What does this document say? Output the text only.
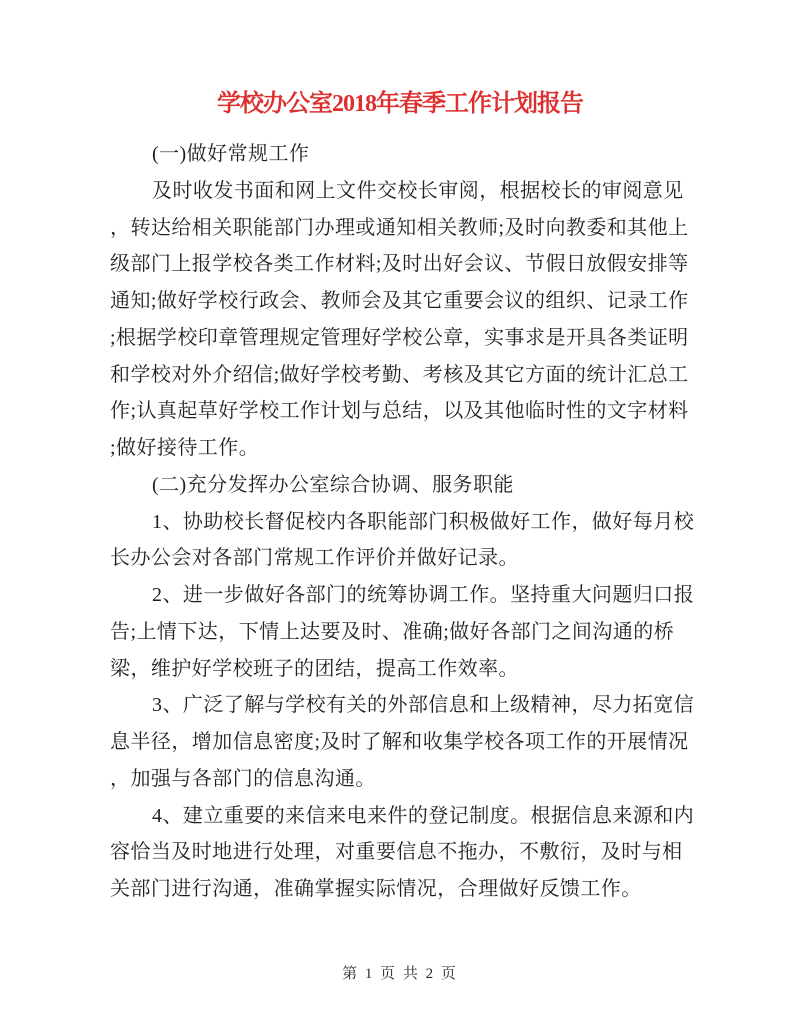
学校办公室2018年春季工作计划报告
(一)做好常规工作
及时收发书面和网上文件交校长审阅，根据校长的审阅意见
，转达给相关职能部门办理或通知相关教师;及时向教委和其他上
级部门上报学校各类工作材料;及时出好会议、节假日放假安排等
通知;做好学校行政会、教师会及其它重要会议的组织、记录工作
;根据学校印章管理规定管理好学校公章，实事求是开具各类证明
和学校对外介绍信;做好学校考勤、考核及其它方面的统计汇总工
作;认真起草好学校工作计划与总结，以及其他临时性的文字材料
;做好接待工作。
(二)充分发挥办公室综合协调、服务职能
1、协助校长督促校内各职能部门积极做好工作，做好每月校
长办公会对各部门常规工作评价并做好记录。
2、进一步做好各部门的统筹协调工作。坚持重大问题归口报
告;上情下达，下情上达要及时、准确;做好各部门之间沟通的桥
梁，维护好学校班子的团结，提高工作效率。
3、广泛了解与学校有关的外部信息和上级精神，尽力拓宽信
息半径，增加信息密度;及时了解和收集学校各项工作的开展情况
，加强与各部门的信息沟通。
4、建立重要的来信来电来件的登记制度。根据信息来源和内
容恰当及时地进行处理，对重要信息不拖办，不敷衍，及时与相
关部门进行沟通，准确掌握实际情况，合理做好反馈工作。
第 1 页 共 2 页
